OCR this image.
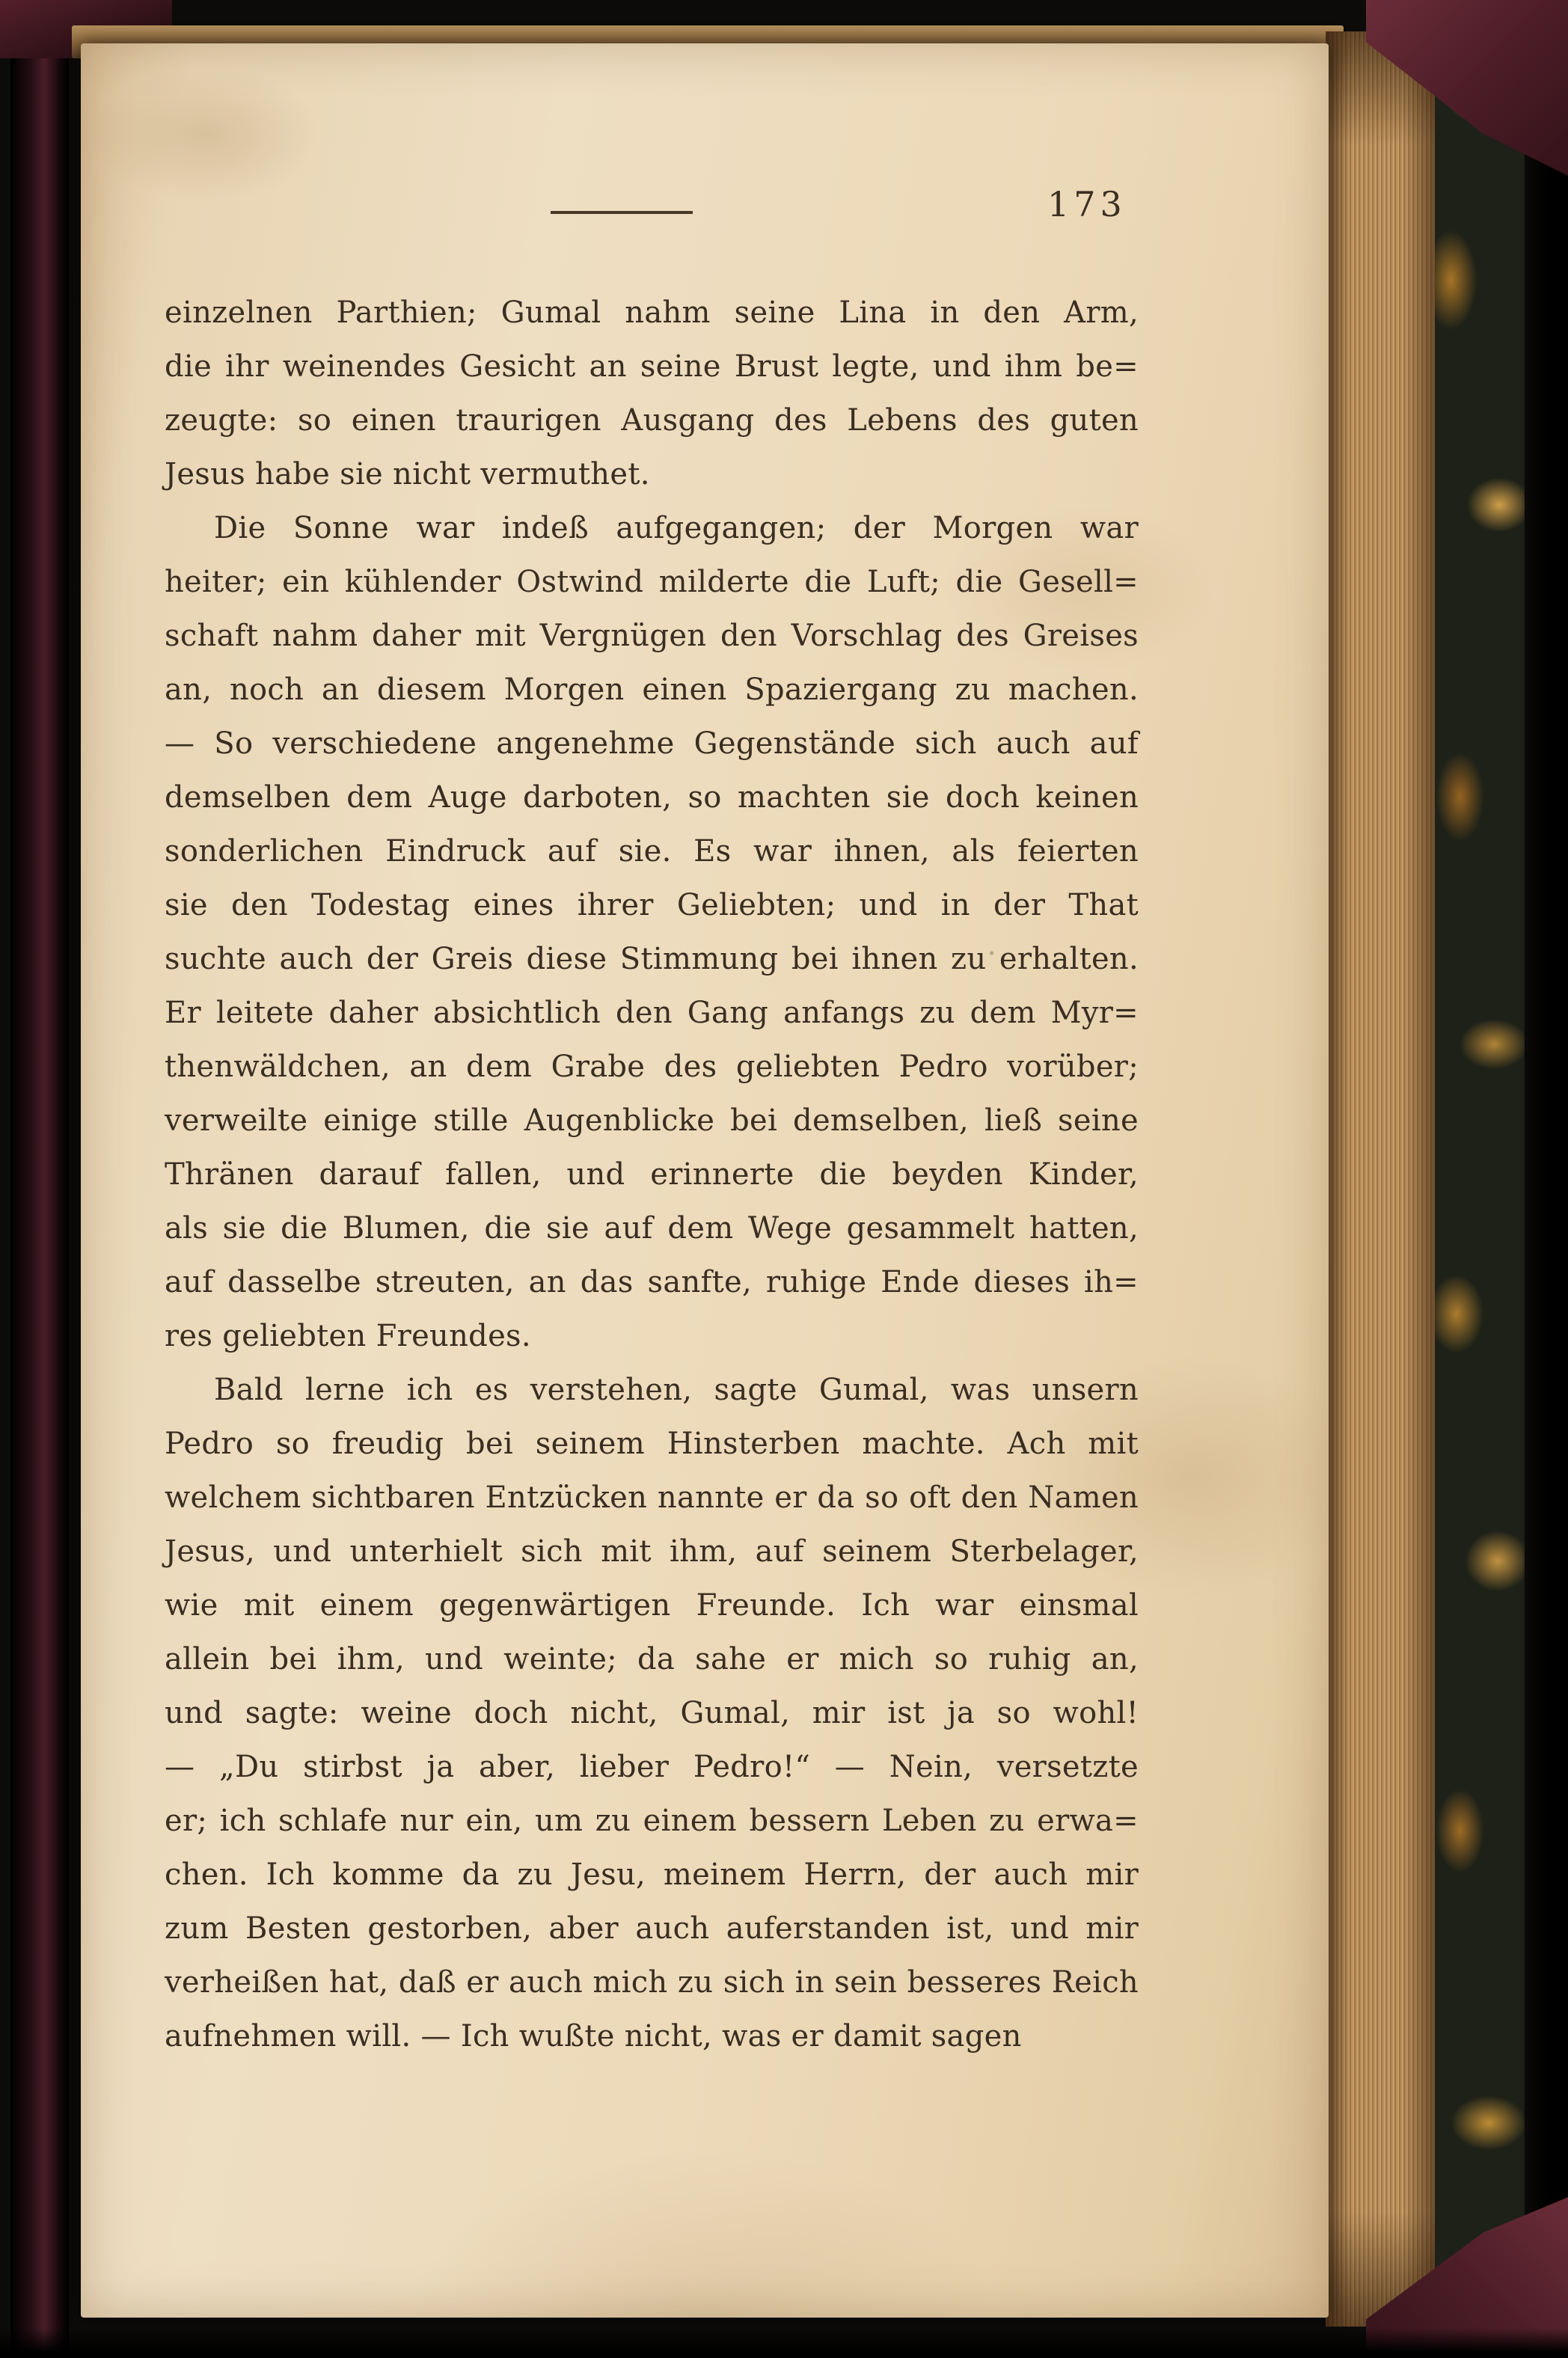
173
einzelnen Parthien; Gumal nahm seine Lina in den Arm,
die ihr weinendes Gesicht an seine Brust legte, und ihm be=
zeugte: so einen traurigen Ausgang des Lebens des guten
Jesus habe sie nicht vermuthet.
Die Sonne war indeß aufgegangen; der Morgen war
heiter; ein kühlender Ostwind milderte die Luft; die Gesell=
schaft nahm daher mit Vergnügen den Vorschlag des Greises
an, noch an diesem Morgen einen Spaziergang zu machen.
— So verschiedene angenehme Gegenstände sich auch auf
demselben dem Auge darboten, so machten sie doch keinen
sonderlichen Eindruck auf sie. Es war ihnen, als feierten
sie den Todestag eines ihrer Geliebten; und in der That
suchte auch der Greis diese Stimmung bei ihnen zu erhalten.
Er leitete daher absichtlich den Gang anfangs zu dem Myr=
thenwäldchen, an dem Grabe des geliebten Pedro vorüber;
verweilte einige stille Augenblicke bei demselben, ließ seine
Thränen darauf fallen, und erinnerte die beyden Kinder,
als sie die Blumen, die sie auf dem Wege gesammelt hatten,
auf dasselbe streuten, an das sanfte, ruhige Ende dieses ih=
res geliebten Freundes.
Bald lerne ich es verstehen, sagte Gumal, was unsern
Pedro so freudig bei seinem Hinsterben machte. Ach mit
welchem sichtbaren Entzücken nannte er da so oft den Namen
Jesus, und unterhielt sich mit ihm, auf seinem Sterbelager,
wie mit einem gegenwärtigen Freunde. Ich war einsmal
allein bei ihm, und weinte; da sahe er mich so ruhig an,
und sagte: weine doch nicht, Gumal, mir ist ja so wohl!
— „Du stirbst ja aber, lieber Pedro!“ — Nein, versetzte
er; ich schlafe nur ein, um zu einem bessern Leben zu erwa=
chen. Ich komme da zu Jesu, meinem Herrn, der auch mir
zum Besten gestorben, aber auch auferstanden ist, und mir
verheißen hat, daß er auch mich zu sich in sein besseres Reich
aufnehmen will. — Ich wußte nicht, was er damit sagen
